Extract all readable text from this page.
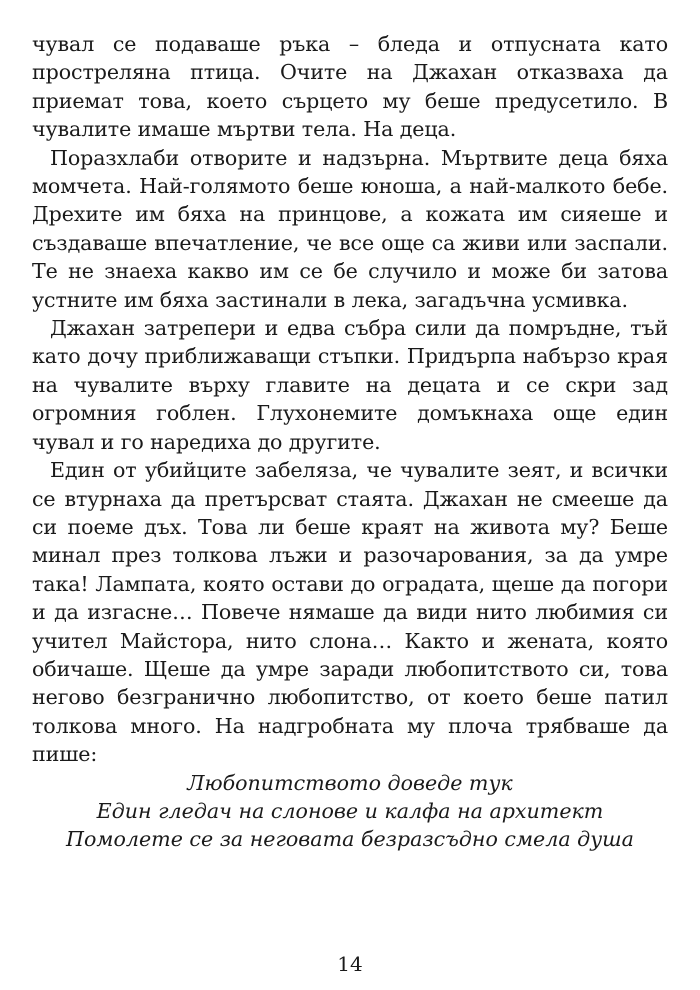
чувал се подаваше ръка – бледа и отпусната като простреляна птица. Очите на Джахан отказваха да приемат това, което сърцето му беше предусетило. В чувалите имаше мъртви тела. На деца.

Поразхлаби отворите и надзърна. Мъртвите деца бяха момчета. Най-голямото беше юноша, а най-малкото бебе. Дрехите им бяха на принцове, а кожата им сияеше и създаваше впечатление, че все още са живи или заспали. Те не знаеха какво им се бе случило и може би затова устните им бяха застинали в лека, загадъчна усмивка.

Джахан затрепери и едва събра сили да помръдне, тъй като дочу приближаващи стъпки. Придърпа набързо края на чувалите върху главите на децата и се скри зад огромния гоблен. Глухонемите домъкнаха още един чувал и го наредиха до другите.

Един от убийците забеляза, че чувалите зеят, и всички се втурнаха да претърсват стаята. Джахан не смееше да си поеме дъх. Това ли беше краят на живота му? Беше минал през толкова лъжи и разочарования, за да умре така! Лампата, която остави до оградата, щеше да погори и да изгасне… Повече нямаше да види нито любимия си учител Майстора, нито слона… Както и жената, която обичаше. Щеше да умре заради любопитството си, това негово безгранично любопитство, от което беше патил толкова много. На надгробната му плоча трябваше да пише:

Любопитството доведе тук
Един гледач на слонове и калфа на архитект
Помолете се за неговата безразсъдно смела душа
14
